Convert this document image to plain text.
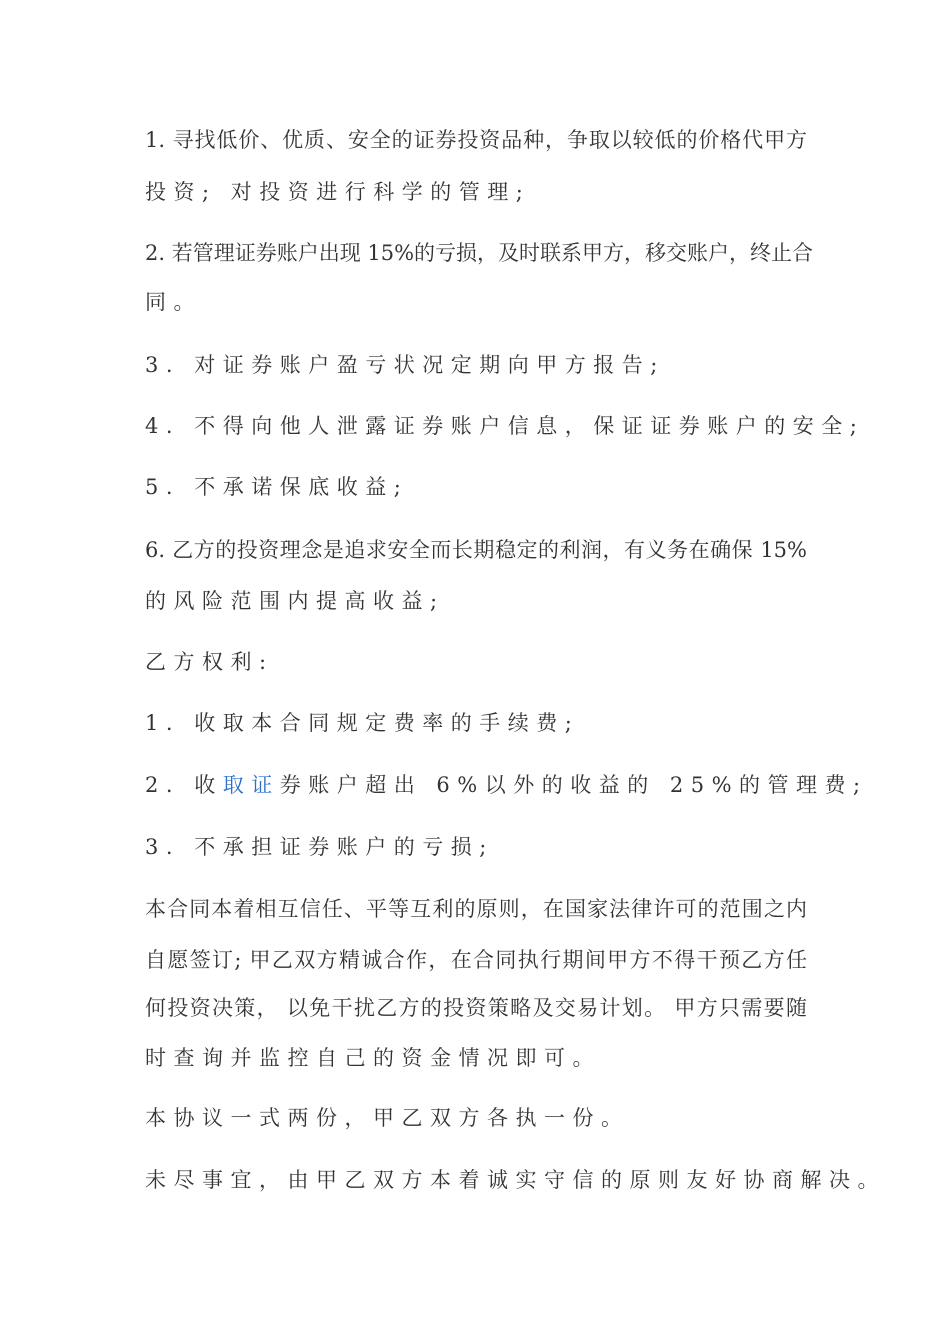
1. 寻找低价、优质、安全的证券投资品种，争取以较低的价格代甲方
投资; 对投资进行科学的管理;
2. 若管理证券账户出现 15%的亏损，及时联系甲方，移交账户，终止合
同。
3. 对证券账户盈亏状况定期向甲方报告;
4. 不得向他人泄露证券账户信息，保证证券账户的安全;
5. 不承诺保底收益;
6. 乙方的投资理念是追求安全而长期稳定的利润，有义务在确保 15%
的风险范围内提高收益;
乙方权利:
1. 收取本合同规定费率的手续费;
2. 收取证券账户超出 6%以外的收益的 25%的管理费;
3. 不承担证券账户的亏损;
本合同本着相互信任、平等互利的原则，在国家法律许可的范围之内
自愿签订; 甲乙双方精诚合作，在合同执行期间甲方不得干预乙方任
何投资决策， 以免干扰乙方的投资策略及交易计划。 甲方只需要随
时查询并监控自己的资金情况即可。
本协议一式两份，甲乙双方各执一份。
未尽事宜，由甲乙双方本着诚实守信的原则友好协商解决。
